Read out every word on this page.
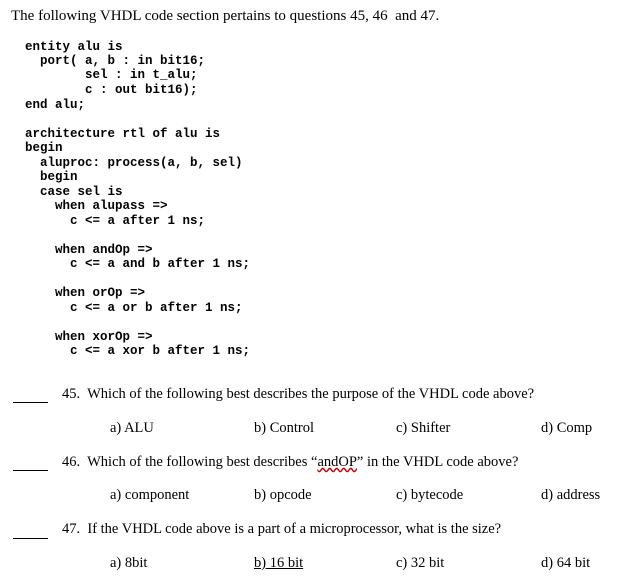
The following VHDL code section pertains to questions 45, 46  and 47.
entity alu is
port( a, b : in bit16;
sel : in t_alu;
c : out bit16);
end alu;
architecture rtl of alu is
begin
aluproc: process(a, b, sel)
begin
case sel is
when alupass =>
c <= a after 1 ns;
when andOp =>
c <= a and b after 1 ns;
when orOp =>
c <= a or b after 1 ns;
when xorOp =>
c <= a xor b after 1 ns;
45.  Which of the following best describes the purpose of the VHDL code above?
a) ALU	b) Control	c) Shifter	d) Comp
46.  Which of the following best describes “andOP” in the VHDL code above?
a) component	b) opcode	c) bytecode	d) address
47.  If the VHDL code above is a part of a microprocessor, what is the size?
a) 8bit	b) 16 bit	c) 32 bit	d) 64 bit
